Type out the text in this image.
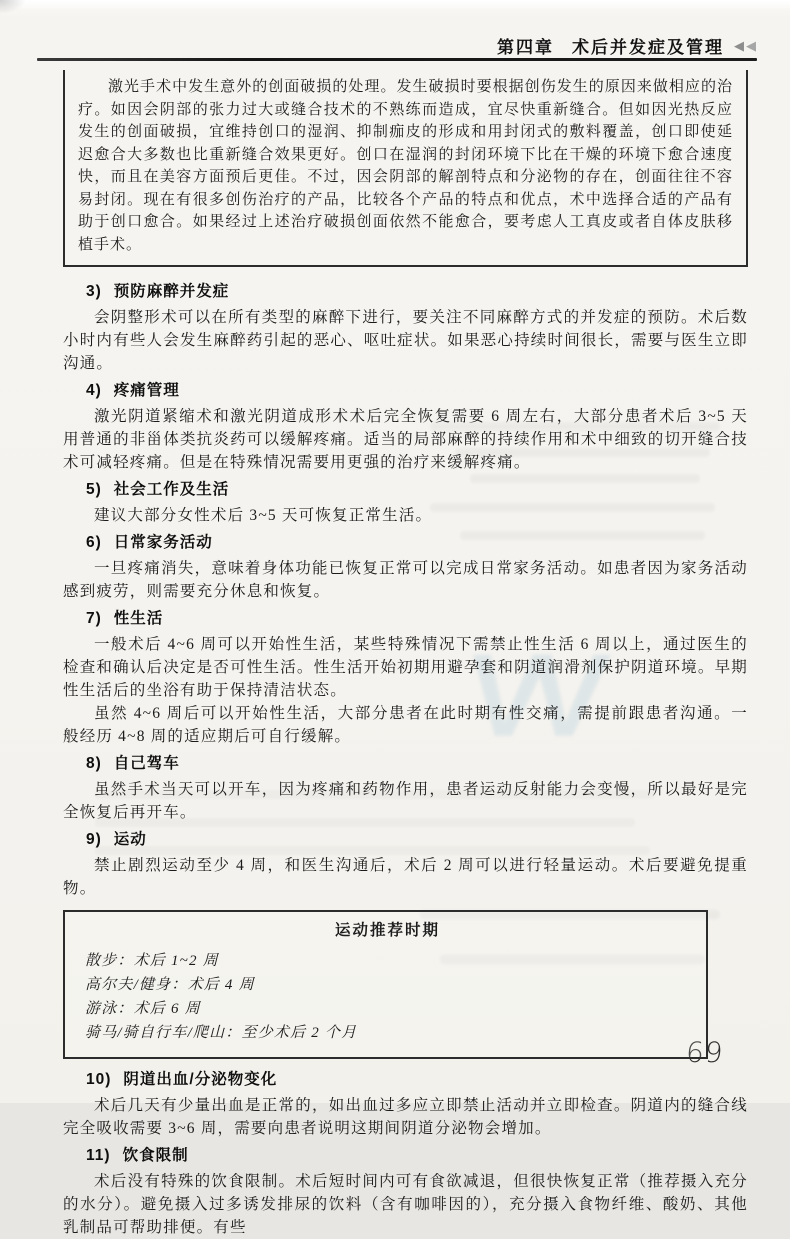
第四章 术后并发症及管理 ◀ ◀
VV

激光手术中发生意外的创面破损的处理。发生破损时要根据创伤发生的原因来做相应的治疗。如因会阴部的张力过大或缝合技术的不熟练而造成，宜尽快重新缝合。但如因光热反应发生的创面破损，宜维持创口的湿润、抑制痂皮的形成和用封闭式的敷料覆盖，创口即使延迟愈合大多数也比重新缝合效果更好。创口在湿润的封闭环境下比在干燥的环境下愈合速度快，而且在美容方面预后更佳。不过，因会阴部的解剖特点和分泌物的存在，创面往往不容易封闭。现在有很多创伤治疗的产品，比较各个产品的特点和优点，术中选择合适的产品有助于创口愈合。如果经过上述治疗破损创面依然不能愈合，要考虑人工真皮或者自体皮肤移植手术。

3) 预防麻醉并发症

会阴整形术可以在所有类型的麻醉下进行，要关注不同麻醉方式的并发症的预防。术后数小时内有些人会发生麻醉药引起的恶心、呕吐症状。如果恶心持续时间很长，需要与医生立即沟通。

4) 疼痛管理

激光阴道紧缩术和激光阴道成形术术后完全恢复需要 6 周左右，大部分患者术后 3~5 天用普通的非甾体类抗炎药可以缓解疼痛。适当的局部麻醉的持续作用和术中细致的切开缝合技术可减轻疼痛。但是在特殊情况需要用更强的治疗来缓解疼痛。

5) 社会工作及生活

建议大部分女性术后 3~5 天可恢复正常生活。

6) 日常家务活动

一旦疼痛消失，意味着身体功能已恢复正常可以完成日常家务活动。如患者因为家务活动感到疲劳，则需要充分休息和恢复。

7) 性生活

一般术后 4~6 周可以开始性生活，某些特殊情况下需禁止性生活 6 周以上，通过医生的检查和确认后决定是否可性生活。性生活开始初期用避孕套和阴道润滑剂保护阴道环境。早期性生活后的坐浴有助于保持清洁状态。

虽然 4~6 周后可以开始性生活，大部分患者在此时期有性交痛，需提前跟患者沟通。一般经历 4~8 周的适应期后可自行缓解。

8) 自己驾车

虽然手术当天可以开车，因为疼痛和药物作用，患者运动反射能力会变慢，所以最好是完全恢复后再开车。

9) 运动

禁止剧烈运动至少 4 周，和医生沟通后，术后 2 周可以进行轻量运动。术后要避免提重物。

运动推荐时期

散步：术后 1~2 周

高尔夫/健身：术后 4 周

游泳：术后 6 周

骑马/骑自行车/爬山：至少术后 2 个月

10) 阴道出血/分泌物变化

术后几天有少量出血是正常的，如出血过多应立即禁止活动并立即检查。阴道内的缝合线完全吸收需要 3~6 周，需要向患者说明这期间阴道分泌物会增加。

11) 饮食限制

术后没有特殊的饮食限制。术后短时间内可有食欲减退，但很快恢复正常（推荐摄入充分的水分）。避免摄入过多诱发排尿的饮料（含有咖啡因的），充分摄入食物纤维、酸奶、其他乳制品可帮助排便。有些

69
